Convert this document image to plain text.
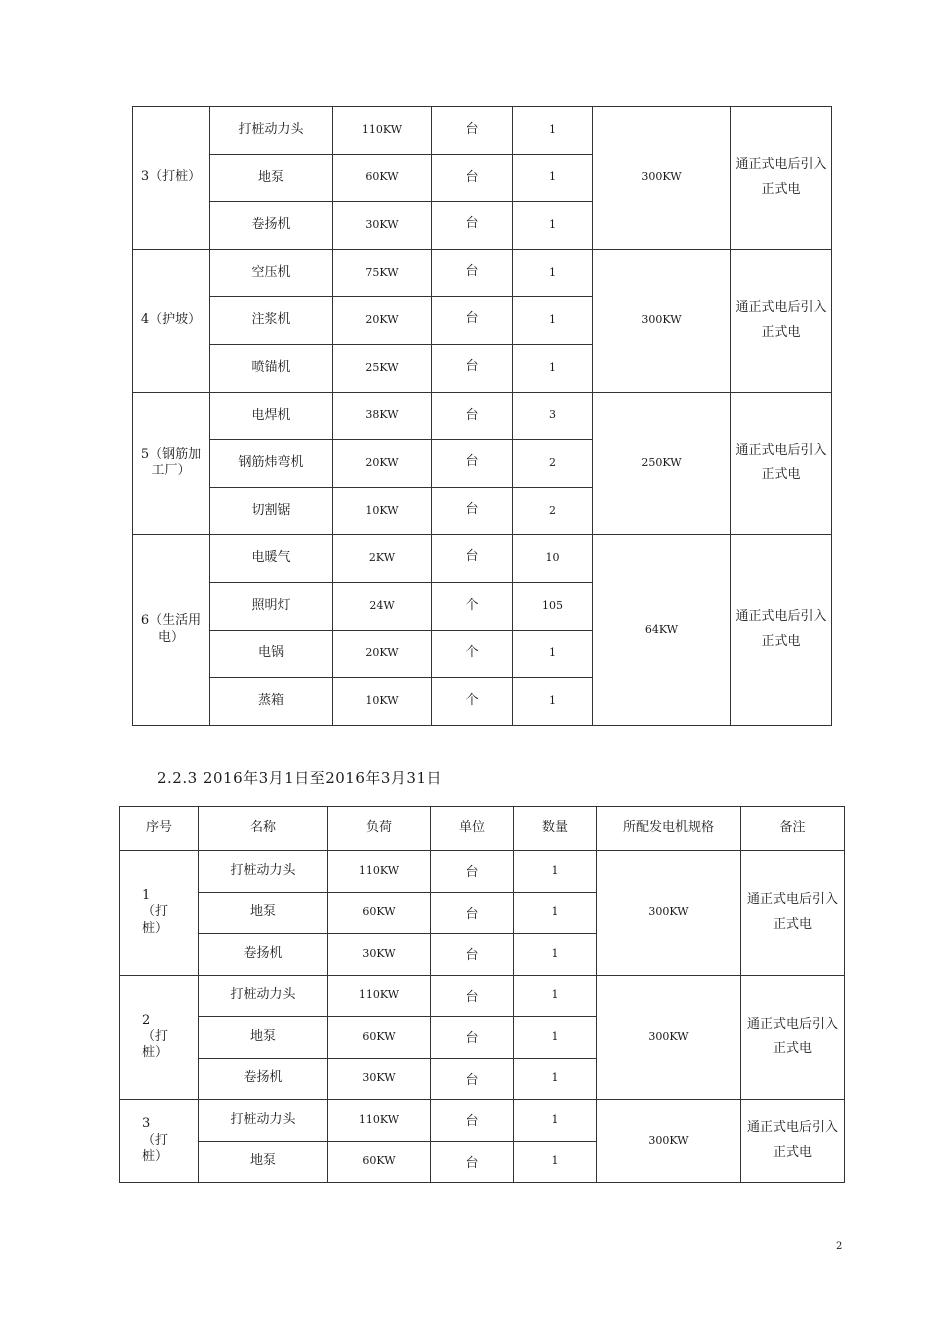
3（打桩）	打桩动力头	110KW	台	1	300KW	通正式电后引入正式电
	地泵	60KW	台	1		
	卷扬机	30KW	台	1		
4（护坡）	空压机	75KW	台	1	300KW	通正式电后引入正式电
	注浆机	20KW	台	1		
	喷锚机	25KW	台	1		
5（钢筋加工厂）	电焊机	38KW	台	3	250KW	通正式电后引入正式电
	钢筋炜弯机	20KW	台	2		
	切割锯	10KW	台	2		
6（生活用电）	电暖气	2KW	台	10	64KW	通正式电后引入正式电
	照明灯	24W	个	105		
	电锅	20KW	个	1		
	蒸箱	10KW	个	1		
2.2.3 2016年3月1日至2016年3月31日
序号	名称	负荷	单位	数量	所配发电机规格	备注
1（打桩）	打桩动力头	110KW	台	1	300KW	通正式电后引入正式电
	地泵	60KW	台	1		
	卷扬机	30KW	台	1		
2（打桩）	打桩动力头	110KW	台	1	300KW	通正式电后引入正式电
	地泵	60KW	台	1		
	卷扬机	30KW	台	1		
3（打桩）	打桩动力头	110KW	台	1	300KW	通正式电后引入正式电
	地泵	60KW	台	1		
2
